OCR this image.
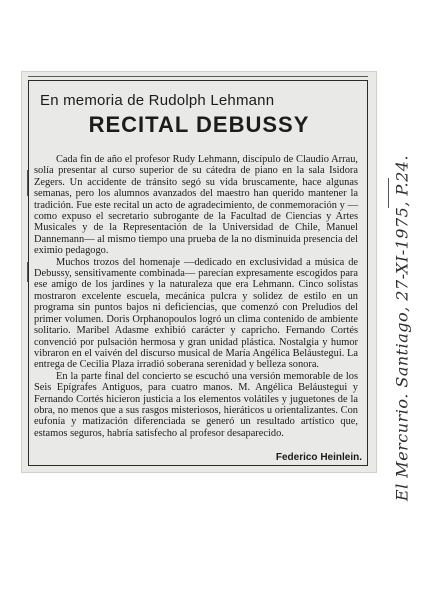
En memoria de Rudolph Lehmann
RECITAL DEBUSSY

Cada fin de año el profesor Rudy Lehmann, discípulo de Claudio Arrau, solía presentar al curso superior de su cátedra de piano en la sala Isidora Zegers. Un accidente de tránsito segó su vida bruscamente, hace algunas semanas, pero los alumnos avanzados del maestro han querido mantener la tradición. Fue este recital un acto de agradecimiento, de conmemoración y —como expuso el secretario subrogante de la Facultad de Ciencias y Artes Musicales y de la Representación de la Universidad de Chile, Manuel Dannemann— al mismo tiempo una prueba de la no disminuida presencia del eximio pedagogo.

Muchos trozos del homenaje —dedicado en exclusividad a música de Debussy, sensitivamente combinada— parecían expresamente escogidos para ese amigo de los jardines y la naturaleza que era Lehmann. Cinco solistas mostraron excelente escuela, mecánica pulcra y solidez de estilo en un programa sin puntos bajos ni deficiencias, que comenzó con Preludios del primer volumen. Doris Orphanopoulos logró un clima contenido de ambiente solitario. Maribel Adasme exhibió carácter y capricho. Fernando Cortés convenció por pulsación hermosa y gran unidad plástica. Nostalgia y humor vibraron en el vaivén del discurso musical de María Angélica Beláustegui. La entrega de Cecilia Plaza irradió soberana serenidad y belleza sonora.

En la parte final del concierto se escuchó una versión memorable de los Seis Epígrafes Antiguos, para cuatro manos. M. Angélica Beláustegui y Fernando Cortés hicieron justicia a los elementos volátiles y juguetones de la obra, no menos que a sus rasgos misteriosos, hieráticos u orientalizantes. Con eufonía y matización diferenciada se generó un resultado artístico que, estamos seguros, habría satisfecho al profesor desaparecido.

Federico Heinlein. El Mercurio. Santiago, 27-XI-1975, P.24.
